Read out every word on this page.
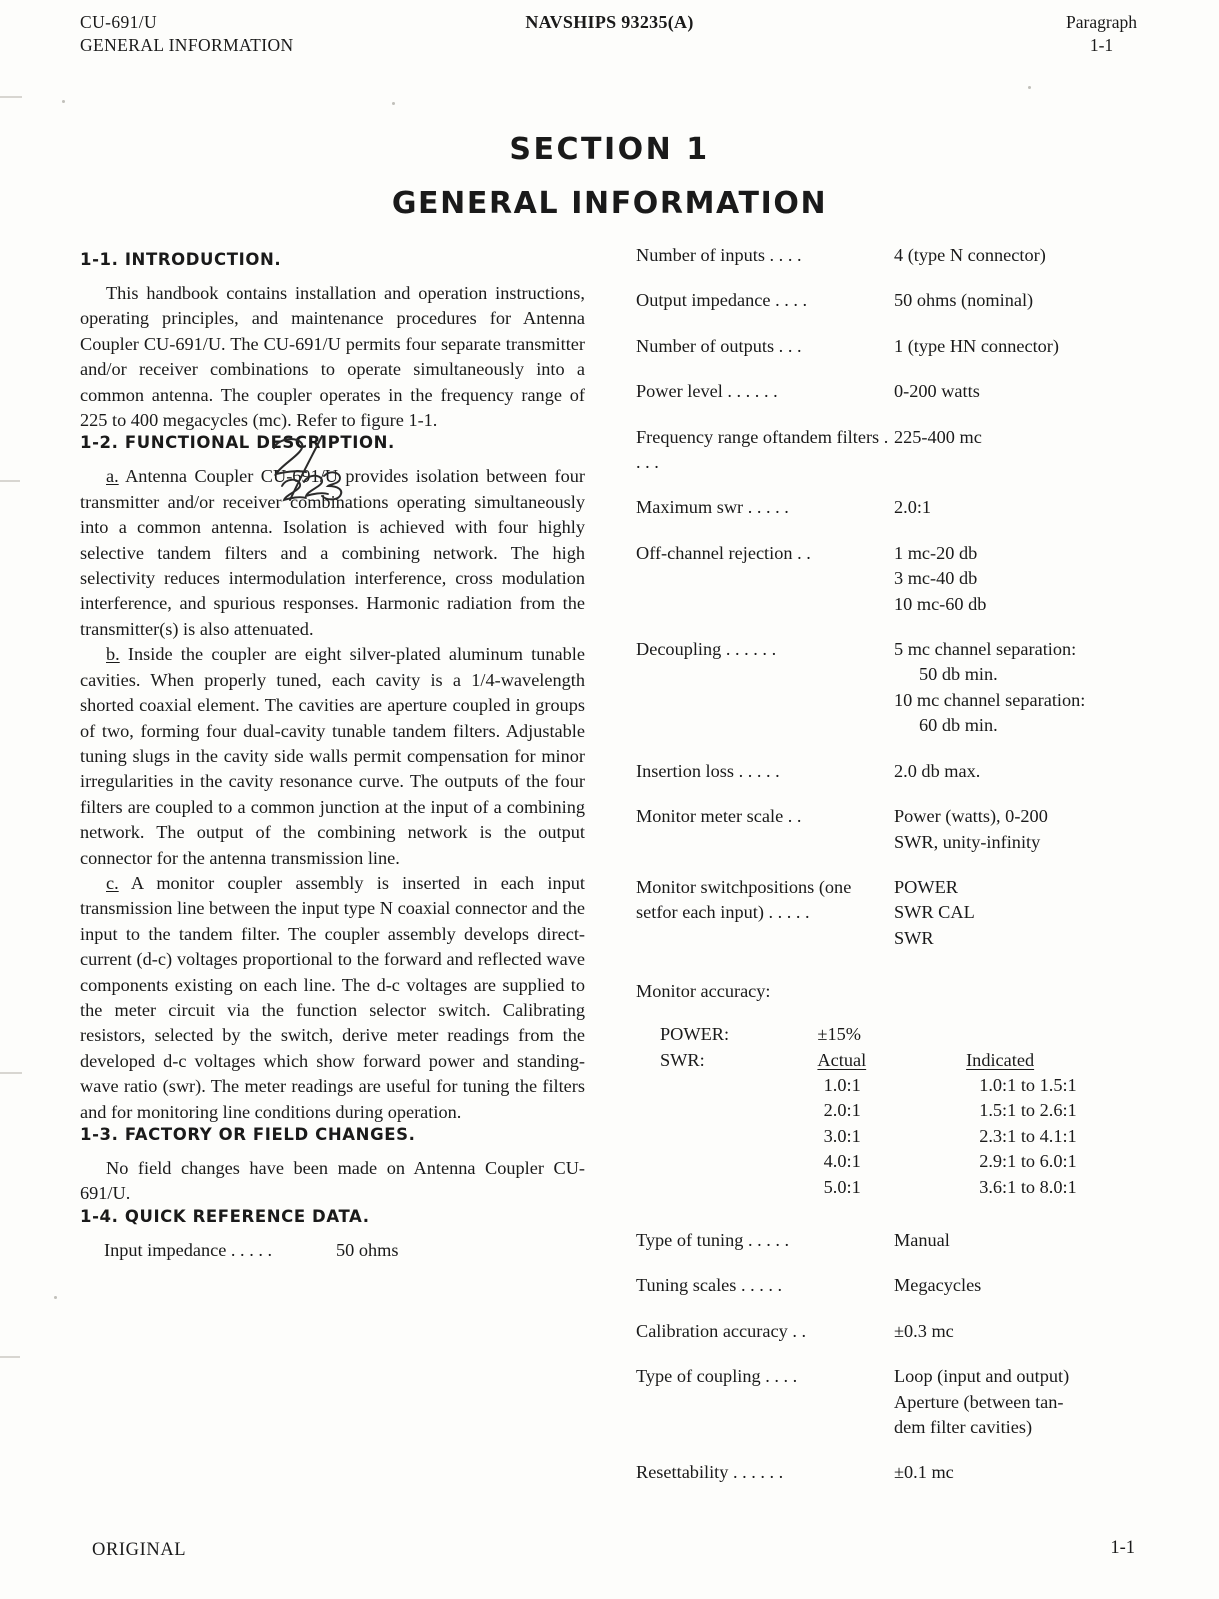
CU-691/U
GENERAL INFORMATION
NAVSHIPS 93235(A)	Paragraph
1-1
SECTION 1
GENERAL INFORMATION
1-1. INTRODUCTION.

This handbook contains installation and operation instructions, operating principles, and maintenance procedures for Antenna Coupler CU-691/U. The CU-691/U permits four separate transmitter and/or receiver combinations to operate simultaneously into a common antenna. The coupler operates in the frequency range of 225 to 400 megacycles (mc). Refer to figure 1-1.

1-2. FUNCTIONAL DESCRIPTION.

a. Antenna Coupler CU-691/U provides isolation between four transmitter and/or receiver combinations operating simultaneously into a common antenna. Isolation is achieved with four highly selective tandem filters and a combining network. The high selectivity reduces intermodulation interference, cross modulation interference, and spurious responses. Harmonic radiation from the transmitter(s) is also attenuated.

b. Inside the coupler are eight silver-plated aluminum tunable cavities. When properly tuned, each cavity is a 1/4-wavelength shorted coaxial element. The cavities are aperture coupled in groups of two, forming four dual-cavity tunable tandem filters. Adjustable tuning slugs in the cavity side walls permit compensation for minor irregularities in the cavity resonance curve. The outputs of the four filters are coupled to a common junction at the input of a combining network. The output of the combining network is the output connector for the antenna transmission line.

c. A monitor coupler assembly is inserted in each input transmission line between the input type N coaxial connector and the input to the tandem filter. The coupler assembly develops direct-current (d-c) voltages proportional to the forward and reflected wave components existing on each line. The d-c voltages are supplied to the meter circuit via the function selector switch. Calibrating resistors, selected by the switch, derive meter readings from the developed d-c voltages which show forward power and standing-wave ratio (swr). The meter readings are useful for tuning the filters and for monitoring line conditions during operation.

1-3. FACTORY OR FIELD CHANGES.

No field changes have been made on Antenna Coupler CU-691/U.

1-4. QUICK REFERENCE DATA.
Input impedance . . . . .	50 ohms
Number of inputs . . . .	4 (type N connector)
Output impedance . . . .	50 ohms (nominal)
Number of outputs . . .	1 (type HN connector)
Power level . . . . . .	0-200 watts
Frequency range oftandem filters . . . .
225-400 mc
Maximum swr . . . . .	2.0:1
Off-channel rejection . .	1 mc-20 db
3 mc-40 db
10 mc-60 db
Decoupling . . . . . .	5 mc channel separation:
50 db min.
10 mc channel separation:
60 db min.
Insertion loss . . . . .	2.0 db max.
Monitor meter scale . .	Power (watts), 0-200
SWR, unity-infinity
Monitor switchpositions (one setfor each input) . . . . .
POWER
SWR CAL
SWR
Monitor accuracy:
POWER:	±15%
SWR:	Actual	Indicated
1.0:1	1.0:1 to 1.5:1
2.0:1	1.5:1 to 2.6:1
3.0:1	2.3:1 to 4.1:1
4.0:1	2.9:1 to 6.0:1
5.0:1	3.6:1 to 8.0:1
Type of tuning . . . . .	Manual
Tuning scales . . . . .	Megacycles
Calibration accuracy . .	±0.3 mc
Type of coupling . . . .	Loop (input and output)
Aperture (between tan-
dem filter cavities)
Resettability . . . . . .	±0.1 mc
ORIGINAL	1-1
